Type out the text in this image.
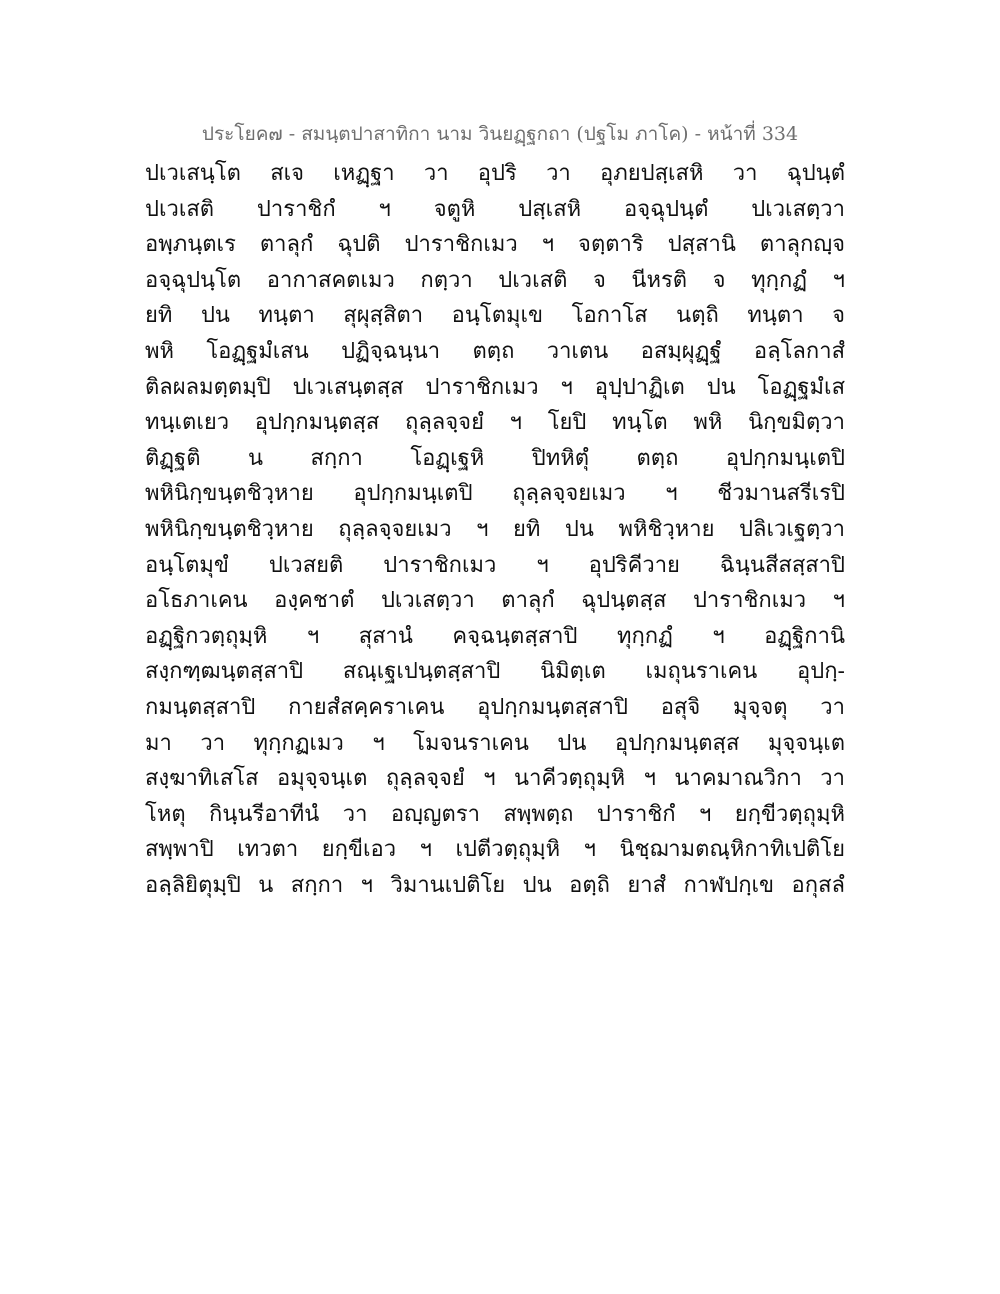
ประโยค๗ - สมนฺตปาสาทิกา นาม วินยฏฺฐกถา (ปฐโม ภาโค) - หน้าที่ 334
ปเวเสนฺโต สเจ เหฏฺฐา วา อุปริ วา อุภยปสฺเสหิ วา ฉุปนฺตํ
ปเวเสติ ปาราชิกํ ฯ จตูหิ ปสฺเสหิ อจฺฉุปนฺตํ ปเวเสตฺวา
อพฺภนฺตเร ตาลุกํ ฉุปติ ปาราชิกเมว ฯ จตฺตาริ ปสฺสานิ ตาลุกญฺจ
อจฺฉุปนฺโต อากาสคตเมว กตฺวา ปเวเสติ จ นีหรติ จ ทุกฺกฏํ ฯ
ยทิ ปน ทนฺตา สุผุสฺสิตา อนฺโตมุเข โอกาโส นตฺถิ ทนฺตา จ
พหิ โอฏฺฐมํเสน ปฏิจฺฉนฺนา ตตฺถ วาเตน อสมฺผุฏฺฐํ อลฺโลกาสํ
ติลผลมตฺตมฺปิ ปเวเสนฺตสฺส ปาราชิกเมว ฯ อุปฺปาฏิเต ปน โอฏฺฐมํเส
ทนฺเตเยว อุปกฺกมนฺตสฺส ถุลฺลจฺจยํ ฯ โยปิ ทนฺโต พหิ นิกฺขมิตฺวา
ติฏฺฐติ น สกฺกา โอฏฺเฐหิ ปิทหิตุํ ตตฺถ อุปกฺกมนฺเตปิ
พหินิกฺขนฺตชิวฺหาย อุปกฺกมนฺเตปิ ถุลฺลจฺจยเมว ฯ ชีวมานสรีเรปิ
พหินิกฺขนฺตชิวฺหาย ถุลฺลจฺจยเมว ฯ ยทิ ปน พหิชิวฺหาย ปลิเวเฐตฺวา
อนฺโตมุขํ ปเวสยติ ปาราชิกเมว ฯ อุปริคีวาย ฉินฺนสีสสฺสาปิ
อโธภาเคน องฺคชาตํ ปเวเสตฺวา ตาลุกํ ฉุปนฺตสฺส ปาราชิกเมว ฯ
อฏฺฐิกวตฺถุมฺหิ ฯ สุสานํ คจฺฉนฺตสฺสาปิ ทุกฺกฏํ ฯ อฏฺฐิกานิ
สงฺกฑฺฒนฺตสฺสาปิ สณฺเฐเปนฺตสฺสาปิ นิมิตฺเต เมถุนราเคน อุปกฺ-
กมนฺตสฺสาปิ กายสํสคฺคราเคน อุปกฺกมนฺตสฺสาปิ อสุจิ มุจฺจตุ วา
มา วา ทุกฺกฏเมว ฯ โมจนราเคน ปน อุปกฺกมนฺตสฺส มุจฺจนฺเต
สงฺฆาทิเสโส อมุจฺจนฺเต ถุลฺลจฺจยํ ฯ นาคีวตฺถุมฺหิ ฯ นาคมาณวิกา วา
โหตุ กินฺนรีอาทีนํ วา อญฺญตรา สพฺพตฺถ ปาราชิกํ ฯ ยกฺขีวตฺถุมฺหิ
สพฺพาปิ เทวตา ยกฺขีเอว ฯ เปตีวตฺถุมฺหิ ฯ นิชฺฌามตณฺหิกาทิเปติโย
อลฺลิยิตุมฺปิ น สกฺกา ฯ วิมานเปติโย ปน อตฺถิ ยาสํ กาฬปกฺเข อกุสลํ
